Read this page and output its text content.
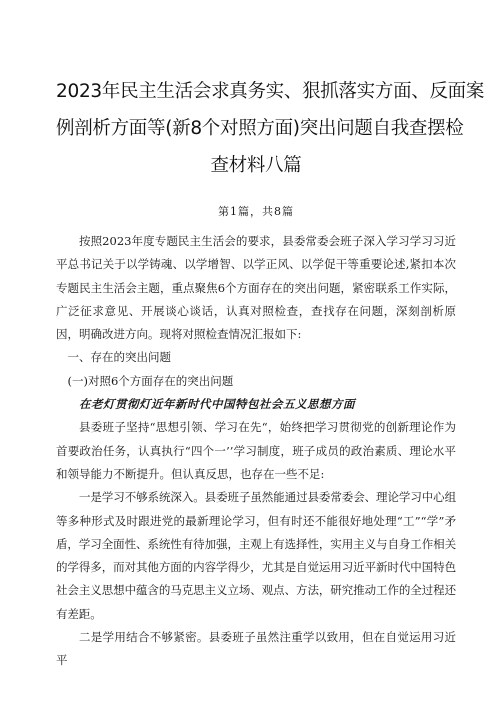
2023年民主生活会求真务实、狠抓落实方面、反面案
例剖析方面等(新8个对照方面)突出问题自我查摆检
查材料八篇
第1篇，共8篇

按照2023年度专题民主生活会的要求，县委常委会班子深入学习学习习近平总书记关于以学铸魂、以学增智、以学正风、以学促干等重要论述,紧扣本次专题民主生活会主题，重点聚焦6个方面存在的突出问题，紧密联系工作实际，广泛征求意见、开展谈心谈话，认真对照检查，查找存在问题，深刻剖析原因，明确改进方向。现将对照检查情况汇报如下:

一、存在的突出问题

(一)对照6个方面存在的突出问题

在老灯贯彻灯近年新时代中国特包社会五义思想方面

县委班子坚持“思想引领、学习在先“，始终把学习贯彻党的创新理论作为首要政治任务，认真执行“四个一’’学习制度，班子成员的政治素质、理论水平和领导能力不断提升。但认真反思，也存在一些不足:

一是学习不够系统深入。县委班子虽然能通过县委常委会、理论学习中心组等多种形式及时跟进党的最新理论学习，但有时还不能很好地处理“工”“学”矛盾，学习全面性、系统性有待加强，主观上有选择性，实用主义与自身工作相关的学得多，而对其他方面的内容学得少，尤其是自觉运用习近平新时代中国特色社会主义思想中蕴含的马克思主义立场、观点、方法，研究推动工作的全过程还有差距。

二是学用结合不够紧密。县委班子虽然注重学以致用，但在自觉运用习近平
